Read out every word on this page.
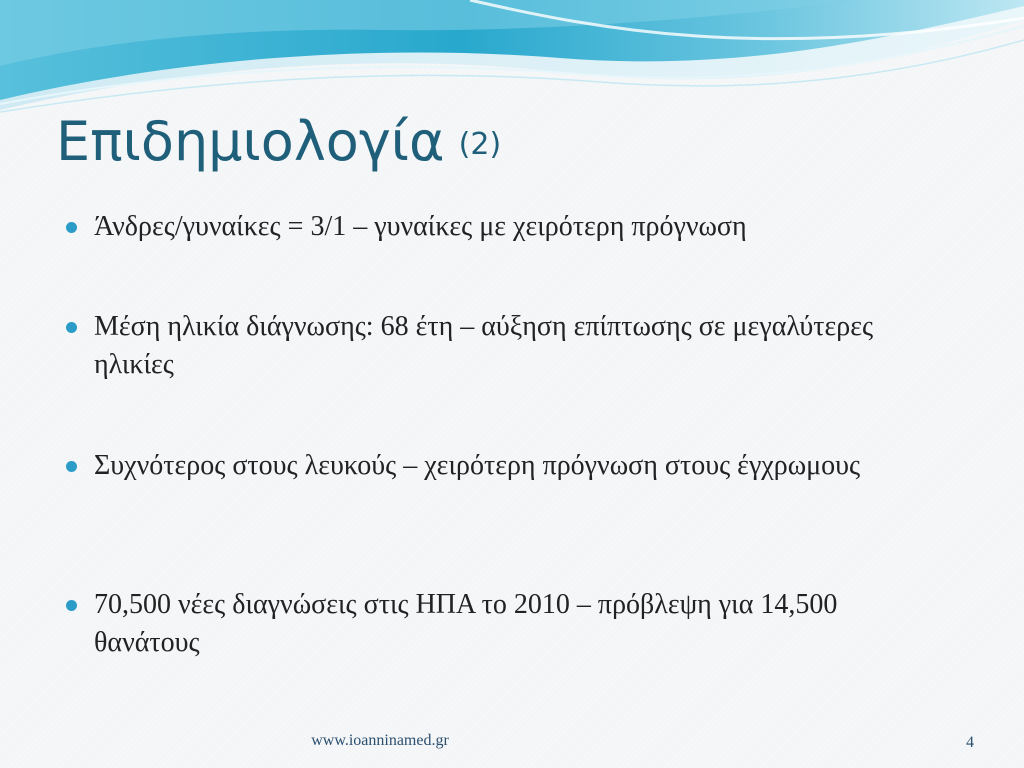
Επιδημιολογία (2)
Άνδρες/γυναίκες = 3/1 – γυναίκες με χειρότερη πρόγνωση
Μέση ηλικία διάγνωσης: 68 έτη – αύξηση επίπτωσης σε μεγαλύτερες ηλικίες
Συχνότερος στους λευκούς – χειρότερη πρόγνωση στους έγχρωμους
70,500 νέες διαγνώσεις στις ΗΠΑ το 2010 – πρόβλεψη για 14,500 θανάτους
www.ioanninamed.gr	4
